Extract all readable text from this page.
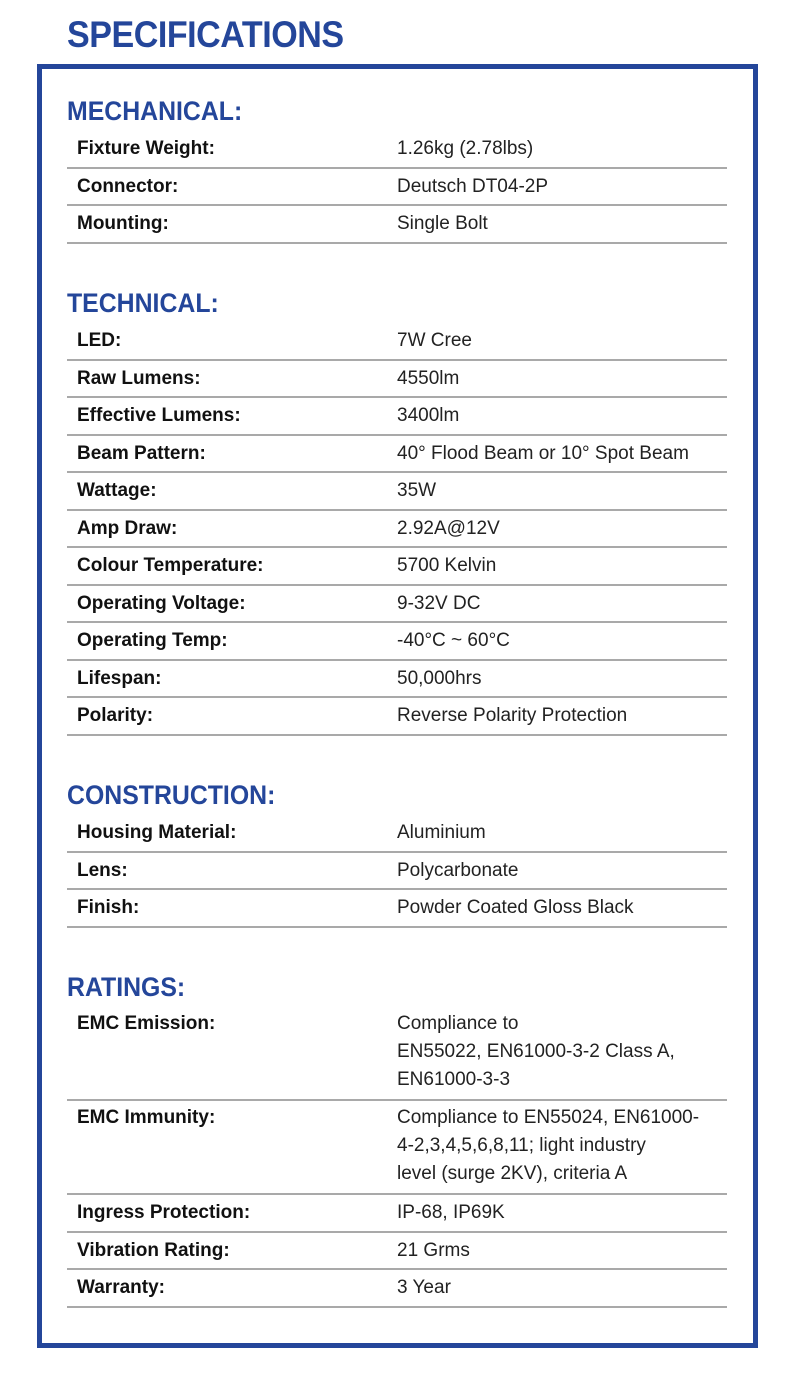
SPECIFICATIONS
MECHANICAL:
Fixture Weight:	1.26kg (2.78lbs)
Connector:	Deutsch DT04-2P
Mounting:	Single Bolt
TECHNICAL:
LED:	7W Cree
Raw Lumens:	4550lm
Effective Lumens:	3400lm
Beam Pattern:	40° Flood Beam or 10° Spot Beam
Wattage:	35W
Amp Draw:	2.92A@12V
Colour Temperature:	5700 Kelvin
Operating Voltage:	9-32V DC
Operating Temp:	-40°C ~ 60°C
Lifespan:	50,000hrs
Polarity:	Reverse Polarity Protection
CONSTRUCTION:
Housing Material:	Aluminium
Lens:	Polycarbonate
Finish:	Powder Coated Gloss Black
RATINGS:
EMC Emission:	Compliance to
EN55022, EN61000-3-2 Class A,
EN61000-3-3
EMC Immunity:	Compliance to EN55024, EN61000-
4-2,3,4,5,6,8,11; light industry
level (surge 2KV), criteria A
Ingress Protection:	IP-68, IP69K
Vibration Rating:	21 Grms
Warranty:	3 Year
